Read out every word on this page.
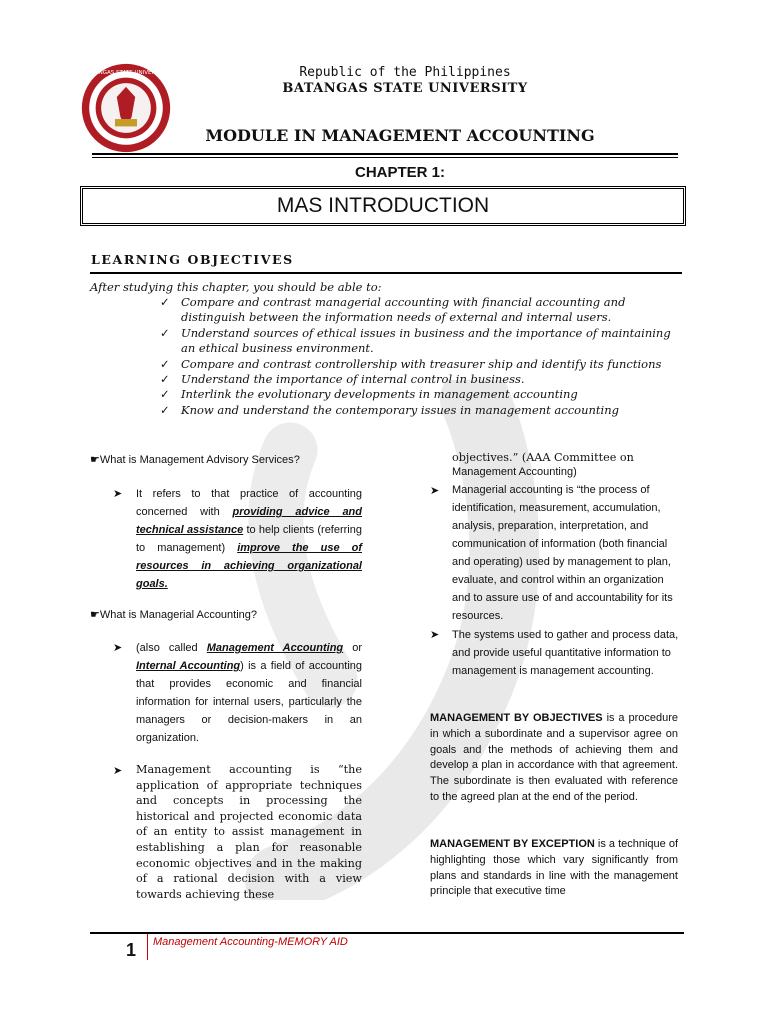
BATANGAS STATE UNIVERSITY	Republic of the Philippines
BATANGAS STATE UNIVERSITY
MODULE IN MANAGEMENT ACCOUNTING
CHAPTER 1:
MAS INTRODUCTION
LEARNING OBJECTIVES
After studying this chapter, you should be able to:
✓ Compare and contrast managerial accounting with financial accounting and distinguish between the information needs of external and internal users.
✓ Understand sources of ethical issues in business and the importance of maintaining an ethical business environment.
✓ Compare and contrast controllership with treasurer ship and identify its functions
✓ Understand the importance of internal control in business.
✓ Interlink the evolutionary developments in management accounting
✓ Know and understand the contemporary issues in management accounting
☛What is Management Advisory Services?
➤ It refers to that practice of accounting concerned with providing advice and technical assistance to help clients (referring to management) improve the use of resources in achieving organizational goals.
☛What is Managerial Accounting?
➤ (also called Management Accounting or Internal Accounting) is a field of accounting that provides economic and financial information for internal users, particularly the managers or decision-makers in an organization.
➤ Management accounting is “the application of appropriate techniques and concepts in processing the historical and projected economic data of an entity to assist management in establishing a plan for reasonable economic objectives and in the making of a rational decision with a view towards achieving these
objectives.” (AAA Committee on
Management Accounting)
➤ Managerial accounting is “the process of identification, measurement, accumulation, analysis, preparation, interpretation, and communication of information (both financial and operating) used by management to plan, evaluate, and control within an organization and to assure use of and accountability for its resources.
➤ The systems used to gather and process data, and provide useful quantitative information to management is management accounting.
MANAGEMENT BY OBJECTIVES is a procedure in which a subordinate and a supervisor agree on goals and the methods of achieving them and develop a plan in accordance with that agreement. The subordinate is then evaluated with reference to the agreed plan at the end of the period.
MANAGEMENT BY EXCEPTION is a technique of highlighting those which vary significantly from plans and standards in line with the management principle that executive time
1 Management Accounting-MEMORY AID
